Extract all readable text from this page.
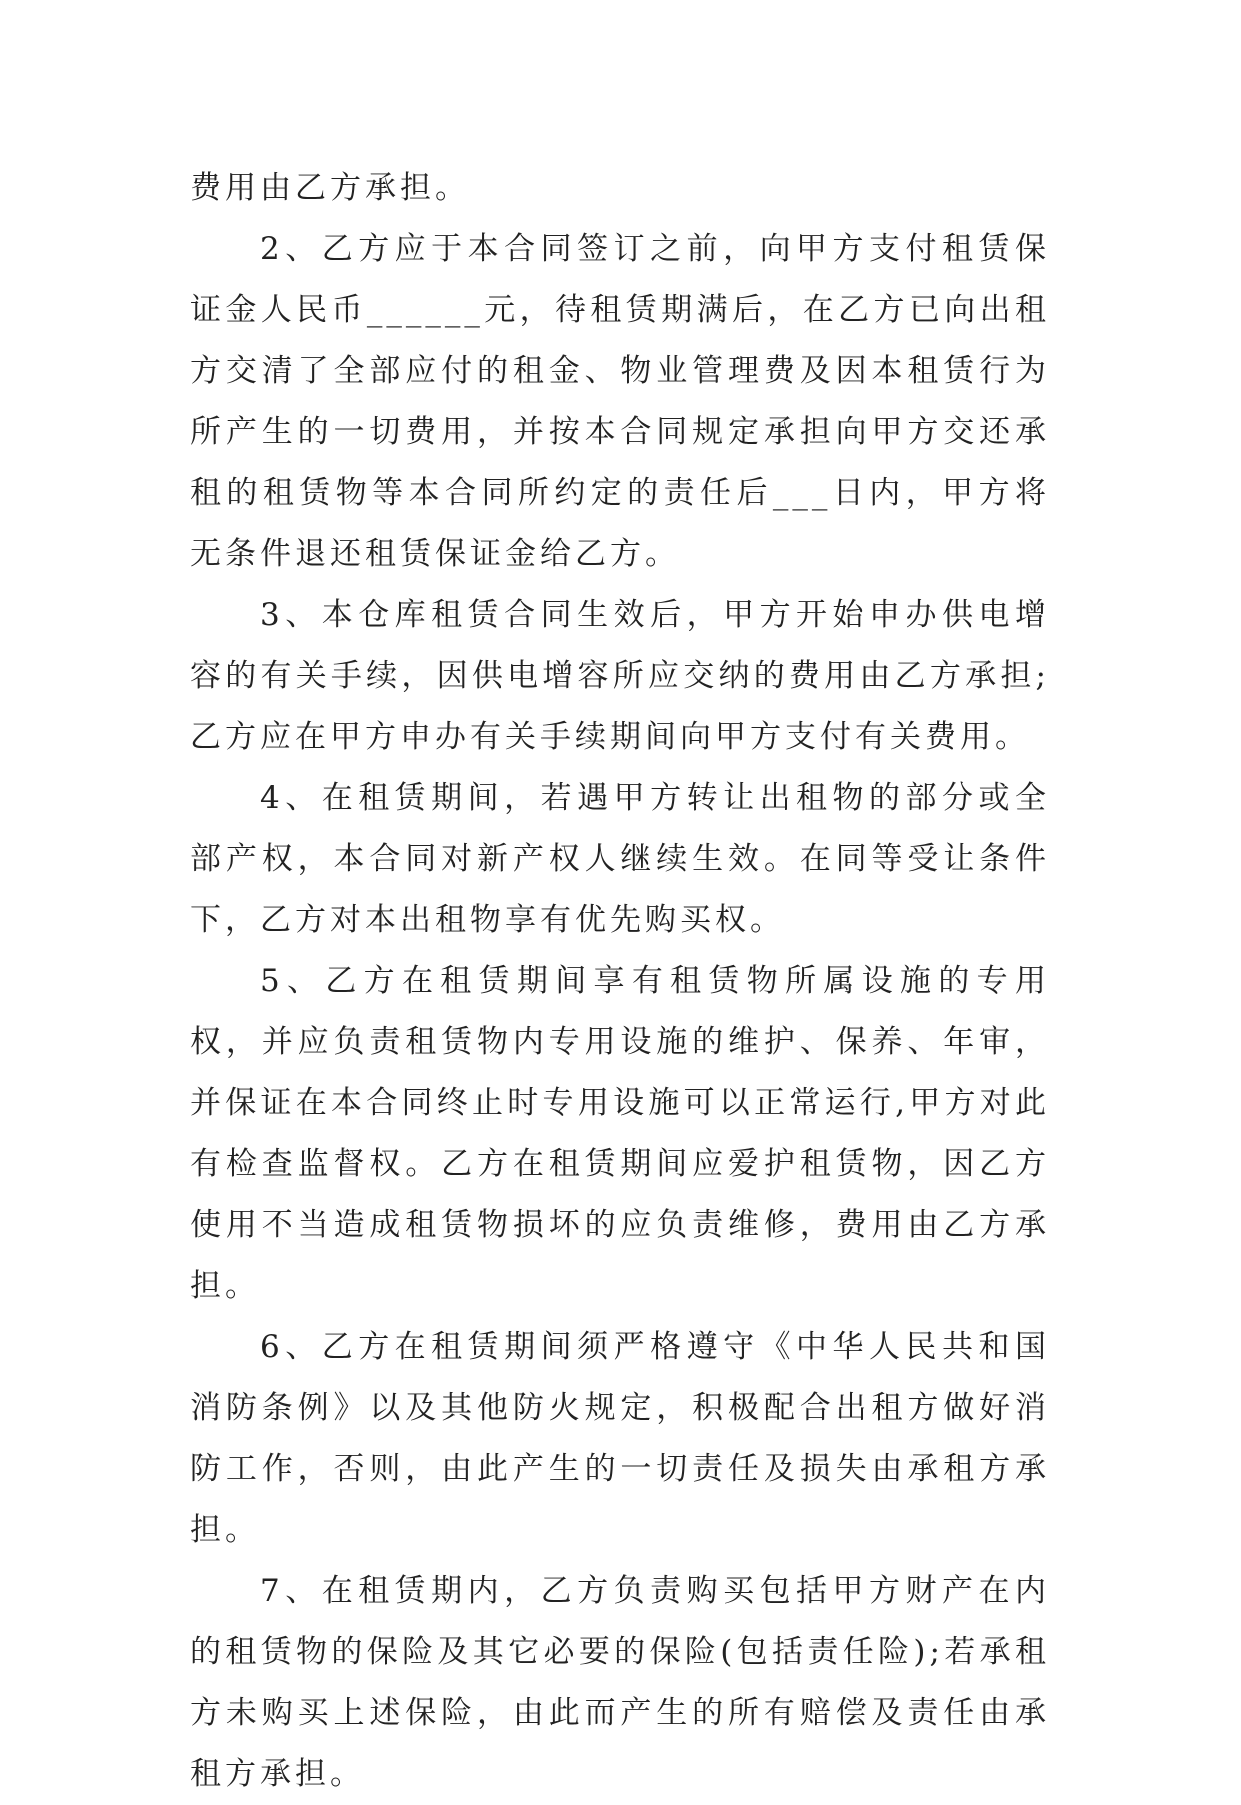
费用由乙方承担。

2、乙方应于本合同签订之前，向甲方支付租赁保证金人民币______元，待租赁期满后，在乙方已向出租方交清了全部应付的租金、物业管理费及因本租赁行为所产生的一切费用，并按本合同规定承担向甲方交还承租的租赁物等本合同所约定的责任后___日内，甲方将无条件退还租赁保证金给乙方。

3、本仓库租赁合同生效后，甲方开始申办供电增容的有关手续，因供电增容所应交纳的费用由乙方承担;乙方应在甲方申办有关手续期间向甲方支付有关费用。

4、在租赁期间，若遇甲方转让出租物的部分或全部产权，本合同对新产权人继续生效。在同等受让条件下，乙方对本出租物享有优先购买权。

5、乙方在租赁期间享有租赁物所属设施的专用权，并应负责租赁物内专用设施的维护、保养、年审，并保证在本合同终止时专用设施可以正常运行,甲方对此有检查监督权。乙方在租赁期间应爱护租赁物，因乙方使用不当造成租赁物损坏的应负责维修，费用由乙方承担。

6、乙方在租赁期间须严格遵守《中华人民共和国消防条例》以及其他防火规定，积极配合出租方做好消防工作，否则，由此产生的一切责任及损失由承租方承担。

7、在租赁期内，乙方负责购买包括甲方财产在内的租赁物的保险及其它必要的保险(包括责任险);若承租方未购买上述保险，由此而产生的所有赔偿及责任由承租方承担。
